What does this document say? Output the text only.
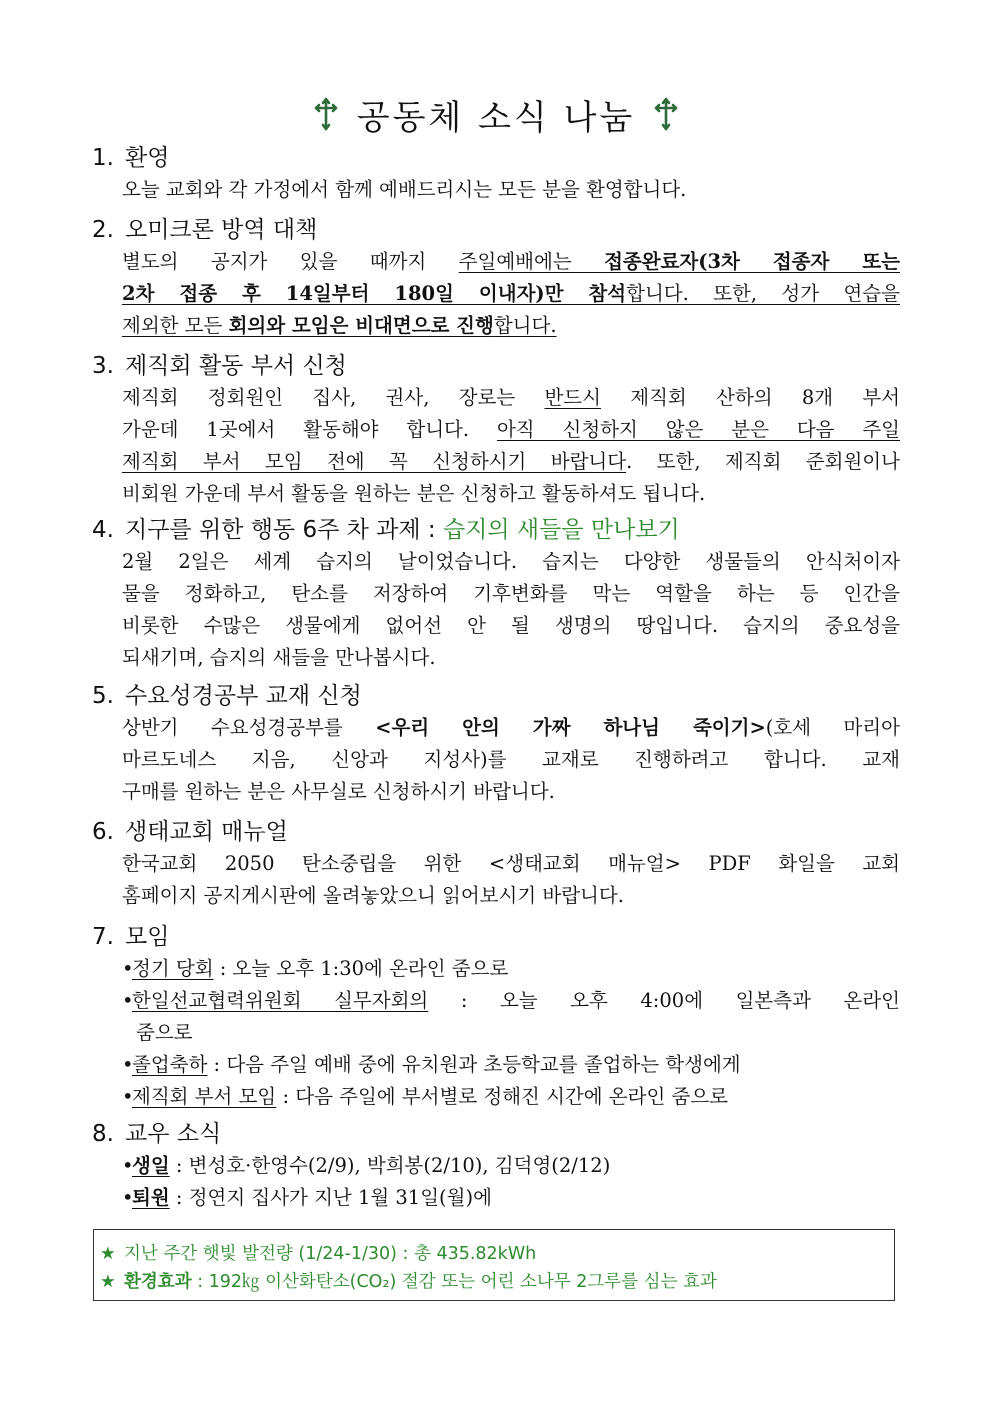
공동체 소식 나눔
1. 환영
오늘 교회와 각 가정에서 함께 예배드리시는 모든 분을 환영합니다.
2. 오미크론 방역 대책
별도의 공지가 있을 때까지 주일예배에는 접종완료자(3차 접종자 또는
2차 접종 후 14일부터 180일 이내자)만 참석합니다. 또한, 성가 연습을
제외한 모든 회의와 모임은 비대면으로 진행합니다.
3. 제직회 활동 부서 신청
제직회 정회원인 집사, 권사, 장로는 반드시 제직회 산하의 8개 부서
가운데 1곳에서 활동해야 합니다. 아직 신청하지 않은 분은 다음 주일
제직회 부서 모임 전에 꼭 신청하시기 바랍니다. 또한, 제직회 준회원이나
비회원 가운데 부서 활동을 원하는 분은 신청하고 활동하셔도 됩니다.
4. 지구를 위한 행동 6주 차 과제 : 습지의 새들을 만나보기
2월 2일은 세계 습지의 날이었습니다. 습지는 다양한 생물들의 안식처이자
물을 정화하고, 탄소를 저장하여 기후변화를 막는 역할을 하는 등 인간을
비롯한 수많은 생물에게 없어선 안 될 생명의 땅입니다. 습지의 중요성을
되새기며, 습지의 새들을 만나봅시다.
5. 수요성경공부 교재 신청
상반기 수요성경공부를 <우리 안의 가짜 하나님 죽이기>(호세 마리아
마르도네스 지음, 신앙과 지성사)를 교재로 진행하려고 합니다. 교재
구매를 원하는 분은 사무실로 신청하시기 바랍니다.
6. 생태교회 매뉴얼
한국교회 2050 탄소중립을 위한 <생태교회 매뉴얼> PDF 화일을 교회
홈페이지 공지게시판에 올려놓았으니 읽어보시기 바랍니다.
7. 모임
•정기 당회 : 오늘 오후 1:30에 온라인 줌으로
•한일선교협력위원회 실무자회의 : 오늘 오후 4:00에 일본측과 온라인
줌으로
•졸업축하 : 다음 주일 예배 중에 유치원과 초등학교를 졸업하는 학생에게
•제직회 부서 모임 : 다음 주일에 부서별로 정해진 시간에 온라인 줌으로
8. 교우 소식
•생일 : 변성호·한영수(2/9), 박희봉(2/10), 김덕영(2/12)
•퇴원 : 정연지 집사가 지난 1월 31일(월)에
★ 지난 주간 햇빛 발전량 (1/24-1/30) : 총 435.82kWh
★ 환경효과 : 192㎏ 이산화탄소(CO₂) 절감 또는 어린 소나무 2그루를 심는 효과
